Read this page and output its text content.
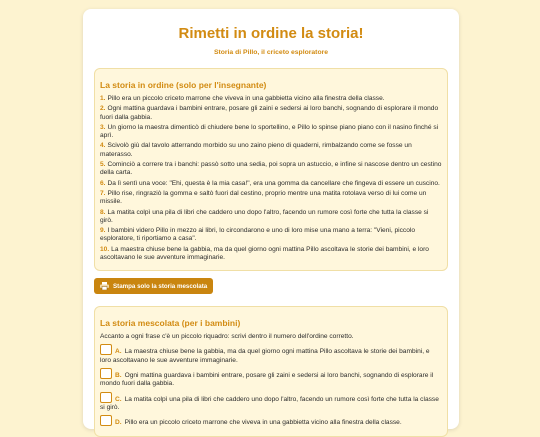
Rimetti in ordine la storia!

Storia di Pillo, il criceto esploratore

La storia in ordine (solo per l'insegnante)

1. Pillo era un piccolo criceto marrone che viveva in una gabbietta vicino alla finestra della classe.

2. Ogni mattina guardava i bambini entrare, posare gli zaini e sedersi ai loro banchi, sognando di esplorare il mondo fuori dalla gabbia.

3. Un giorno la maestra dimenticò di chiudere bene lo sportellino, e Pillo lo spinse piano piano con il nasino finché si aprì.

4. Scivolò giù dal tavolo atterrando morbido su uno zaino pieno di quaderni, rimbalzando come se fosse un materasso.

5. Cominciò a correre tra i banchi: passò sotto una sedia, poi sopra un astuccio, e infine si nascose dentro un cestino della carta.

6. Da lì sentì una voce: "Ehi, questa è la mia casa!", era una gomma da cancellare che fingeva di essere un cuscino.

7. Pillo rise, ringraziò la gomma e saltò fuori dal cestino, proprio mentre una matita rotolava verso di lui come un missile.

8. La matita colpì una pila di libri che caddero uno dopo l'altro, facendo un rumore così forte che tutta la classe si girò.

9. I bambini videro Pillo in mezzo ai libri, lo circondarono e uno di loro mise una mano a terra: "Vieni, piccolo esploratore, ti riportiamo a casa".

10. La maestra chiuse bene la gabbia, ma da quel giorno ogni mattina Pillo ascoltava le storie dei bambini, e loro ascoltavano le sue avventure immaginarie.

Stampa solo la storia mescolata
La storia mescolata (per i bambini)

Accanto a ogni frase c'è un piccolo riquadro: scrivi dentro il numero dell'ordine corretto.

A. La maestra chiuse bene la gabbia, ma da quel giorno ogni mattina Pillo ascoltava le storie dei bambini, e loro ascoltavano le sue avventure immaginarie.

B. Ogni mattina guardava i bambini entrare, posare gli zaini e sedersi ai loro banchi, sognando di esplorare il mondo fuori dalla gabbia.

C. La matita colpì una pila di libri che caddero uno dopo l'altro, facendo un rumore così forte che tutta la classe si girò.

D. Pillo era un piccolo criceto marrone che viveva in una gabbietta vicino alla finestra della classe.
